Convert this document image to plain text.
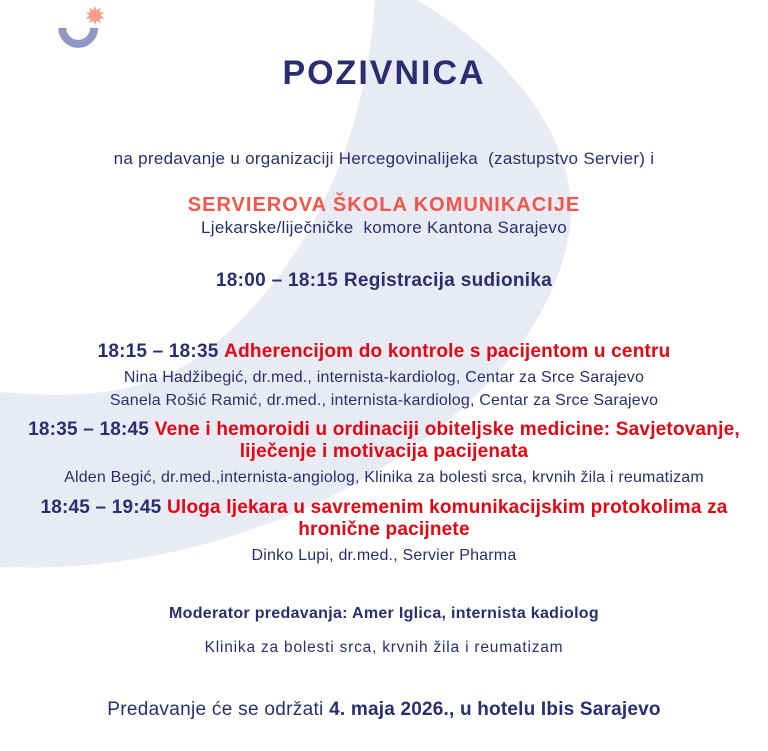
POZIVNICA

na predavanje u organizaciji Hercegovinalijeka  (zastupstvo Servier) i

Ljekarske/liječničke  komore Kantona Sarajevo

SERVIEROVA ŠKOLA KOMUNIKACIJE
18:00 – 18:15 Registracija sudionika
18:15 – 18:35 Adherencijom do kontrole s pacijentom u centru
Nina Hadžibegić, dr.med., internista-kardiolog, Centar za Srce Sarajevo
Sanela Rošić Ramić, dr.med., internista-kardiolog, Centar za Srce Sarajevo
18:35 – 18:45 Vene i hemoroidi u ordinaciji obiteljske medicine: Savjetovanje,
liječenje i motivacija pacijenata
Alden Begić, dr.med.,internista-angiolog, Klinika za bolesti srca, krvnih žila i reumatizam
18:45 – 19:45 Uloga ljekara u savremenim komunikacijskim protokolima za
hronične pacijnete
Dinko Lupi, dr.med., Servier Pharma
Moderator predavanja: Amer Iglica, internista kadiolog
Klinika za bolesti srca, krvnih žila i reumatizam
Predavanje će se održati 4. maja 2026., u hotelu Ibis Sarajevo
